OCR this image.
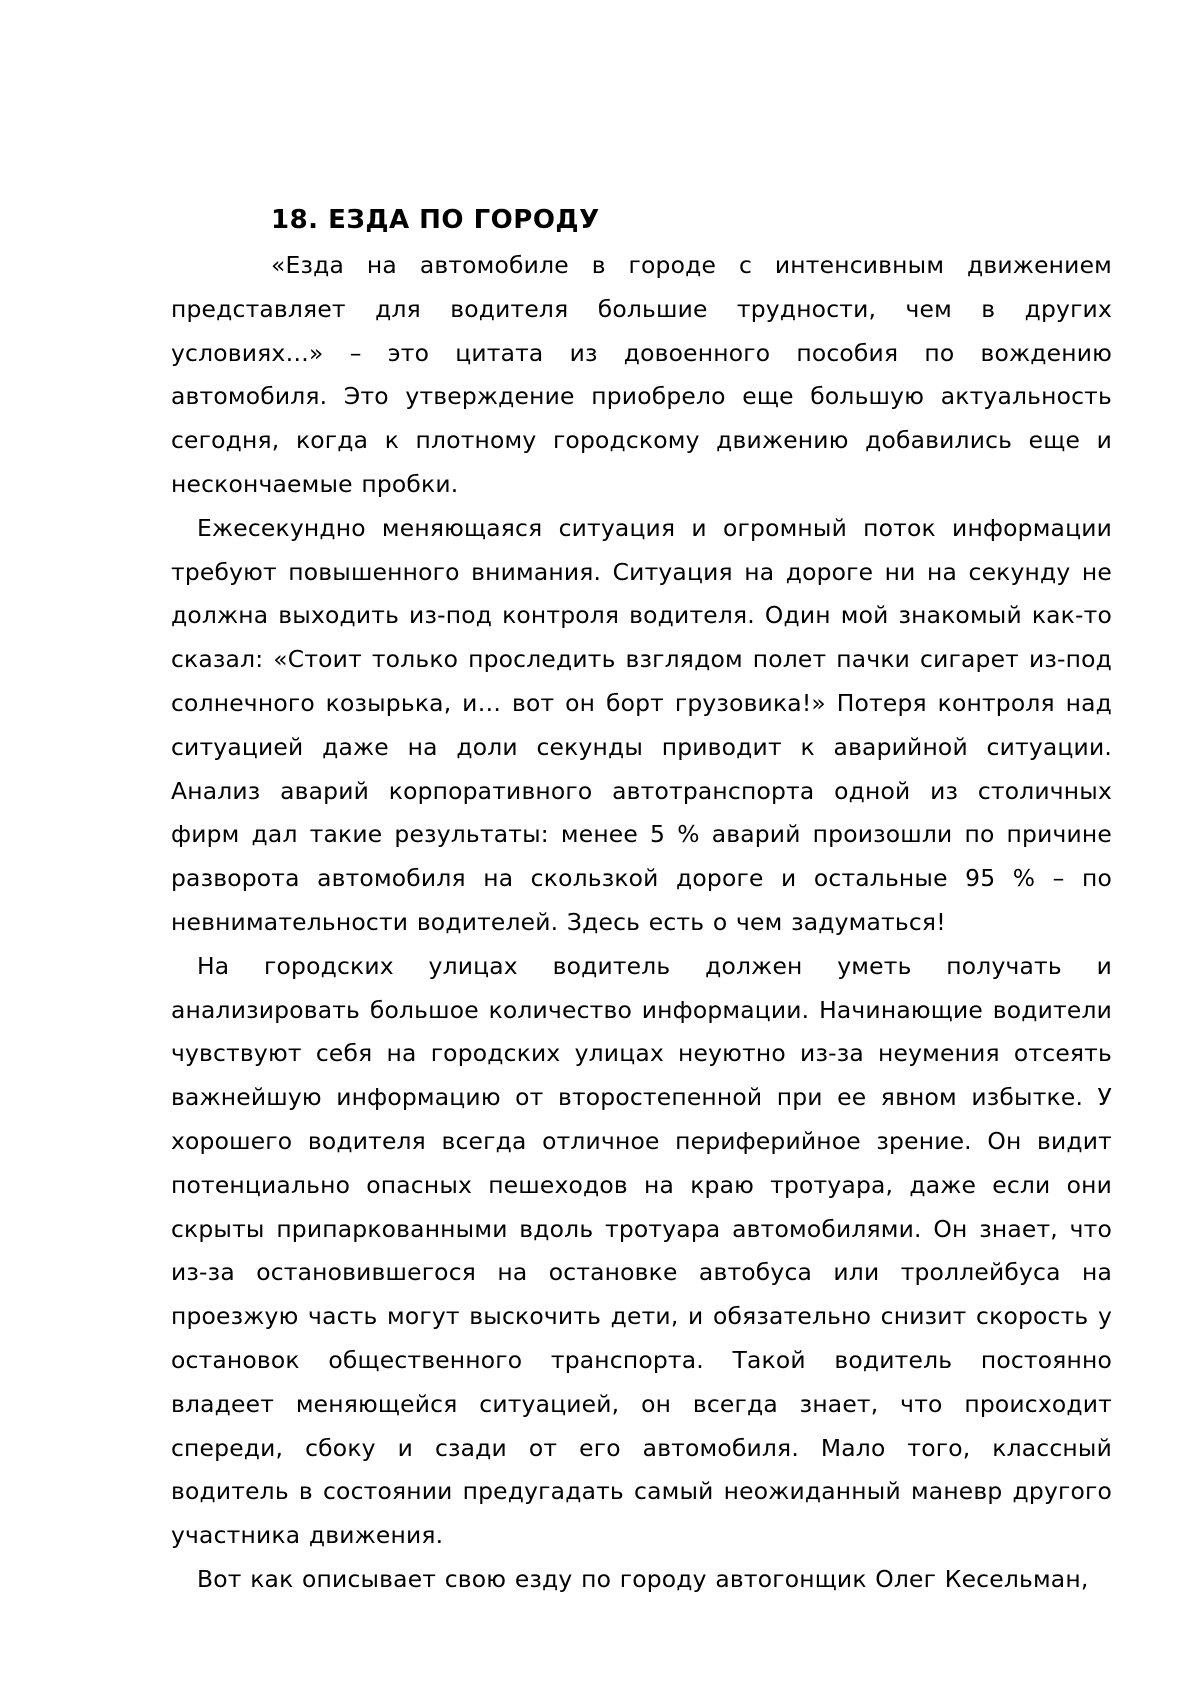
18. ЕЗДА ПО ГОРОДУ

«Езда на автомобиле в городе с интенсивным движением представляет для водителя большие трудности, чем в других условиях…» – это цитата из довоенного пособия по вождению автомобиля. Это утверждение приобрело еще большую актуальность сегодня, когда к плотному городскому движению добавились еще и нескончаемые пробки.

Ежесекундно меняющаяся ситуация и огромный поток информации требуют повышенного внимания. Ситуация на дороге ни на секунду не должна выходить из-под контроля водителя. Один мой знакомый как-то сказал: «Стоит только проследить взглядом полет пачки сигарет из-под солнечного козырька, и… вот он борт грузовика!» Потеря контроля над ситуацией даже на доли секунды приводит к аварийной ситуации. Анализ аварий корпоративного автотранспорта одной из столичных фирм дал такие результаты: менее 5 % аварий произошли по причине разворота автомобиля на скользкой дороге и остальные 95 % – по невнимательности водителей. Здесь есть о чем задуматься!

На городских улицах водитель должен уметь получать и анализировать большое количество информации. Начинающие водители чувствуют себя на городских улицах неуютно из-за неумения отсеять важнейшую информацию от второстепенной при ее явном избытке. У хорошего водителя всегда отличное периферийное зрение. Он видит потенциально опасных пешеходов на краю тротуара, даже если они скрыты припаркованными вдоль тротуара автомобилями. Он знает, что из-за остановившегося на остановке автобуса или троллейбуса на проезжую часть могут выскочить дети, и обязательно снизит скорость у остановок общественного транспорта. Такой водитель постоянно владеет меняющейся ситуацией, он всегда знает, что происходит спереди, сбоку и сзади от его автомобиля. Мало того, классный водитель в состоянии предугадать самый неожиданный маневр другого участника движения.

Вот как описывает свою езду по городу автогонщик Олег Кесельман,
